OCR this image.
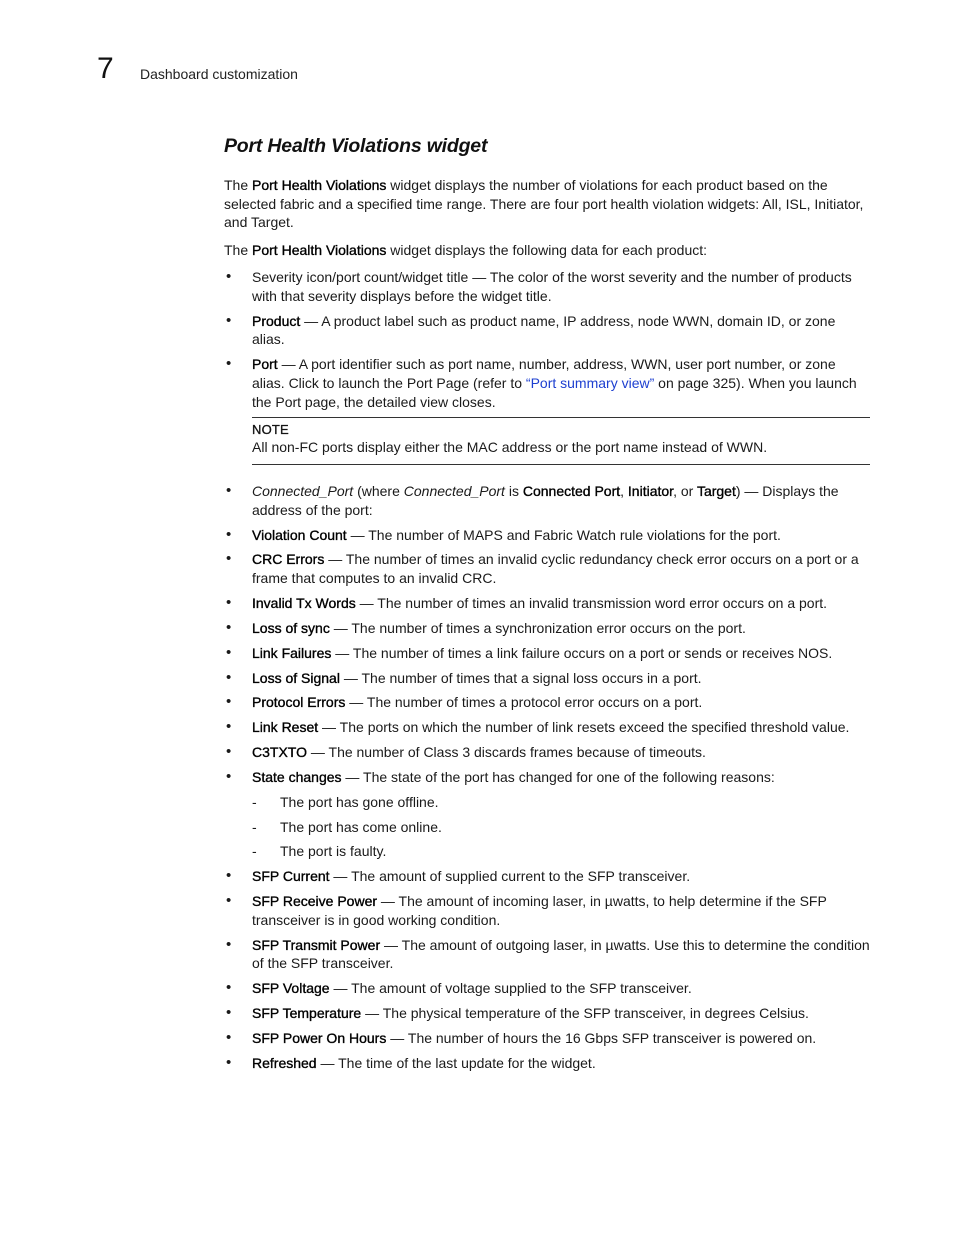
7 Dashboard customization
Port Health Violations widget

The Port Health Violations widget displays the number of violations for each product based on the selected fabric and a specified time range. There are four port health violation widgets: All, ISL, Initiator, and Target.

The Port Health Violations widget displays the following data for each product:

• Severity icon/port count/widget title — The color of the worst severity and the number of products with that severity displays before the widget title.
• Product — A product label such as product name, IP address, node WWN, domain ID, or zone alias.
• Port — A port identifier such as port name, number, address, WWN, user port number, or zone alias. Click to launch the Port Page (refer to “Port summary view” on page 325). When you launch the Port page, the detailed view closes.
NOTE
All non-FC ports display either the MAC address or the port name instead of WWN.
• Connected_Port (where Connected_Port is Connected Port, Initiator, or Target) — Displays the address of the port:
• Violation Count — The number of MAPS and Fabric Watch rule violations for the port.
• CRC Errors — The number of times an invalid cyclic redundancy check error occurs on a port or a frame that computes to an invalid CRC.
• Invalid Tx Words — The number of times an invalid transmission word error occurs on a port.
• Loss of sync — The number of times a synchronization error occurs on the port.
• Link Failures — The number of times a link failure occurs on a port or sends or receives NOS.
• Loss of Signal — The number of times that a signal loss occurs in a port.
• Protocol Errors — The number of times a protocol error occurs on a port.
• Link Reset — The ports on which the number of link resets exceed the specified threshold value.
• C3TXTO — The number of Class 3 discards frames because of timeouts.
• State changes — The state of the port has changed for one of the following reasons:
- The port has gone offline.
- The port has come online.
- The port is faulty.
• SFP Current — The amount of supplied current to the SFP transceiver.
• SFP Receive Power — The amount of incoming laser, in µwatts, to help determine if the SFP transceiver is in good working condition.
• SFP Transmit Power — The amount of outgoing laser, in µwatts. Use this to determine the condition of the SFP transceiver.
• SFP Voltage — The amount of voltage supplied to the SFP transceiver.
• SFP Temperature — The physical temperature of the SFP transceiver, in degrees Celsius.
• SFP Power On Hours — The number of hours the 16 Gbps SFP transceiver is powered on.
• Refreshed — The time of the last update for the widget.
